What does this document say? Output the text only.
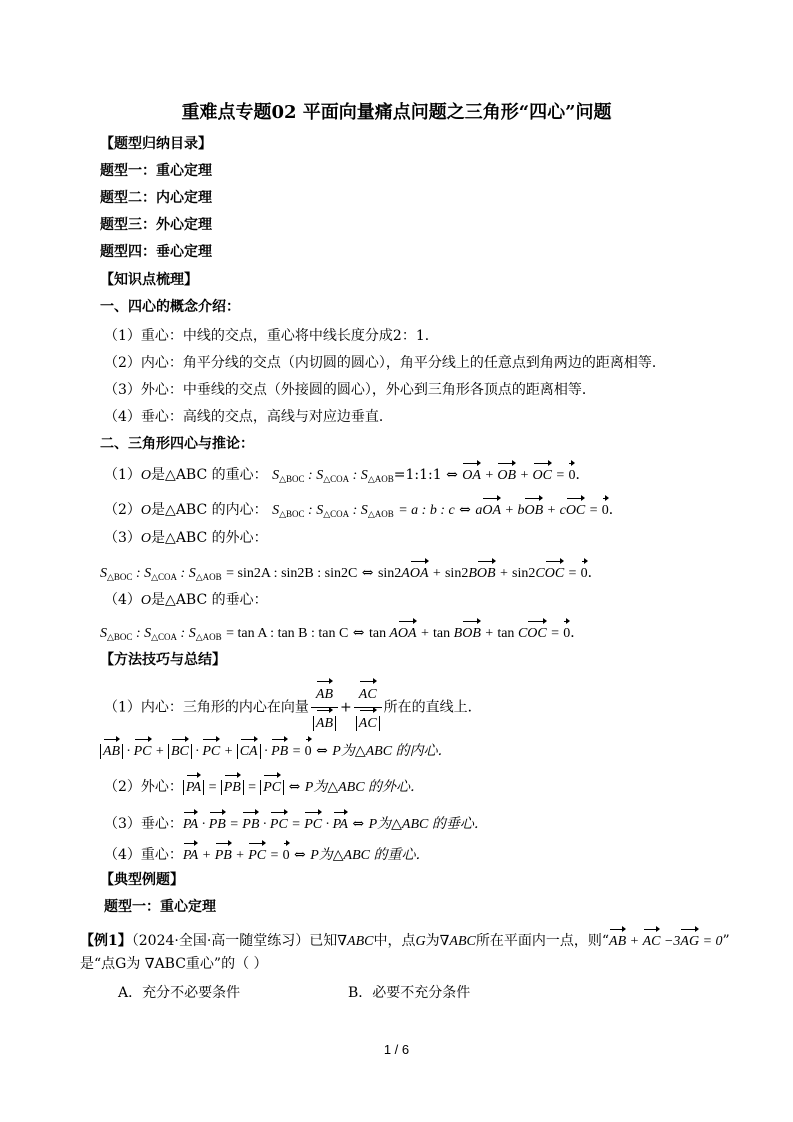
重难点专题02 平面向量痛点问题之三角形“四心”问题
【题型归纳目录】
题型一：重心定理
题型二：内心定理
题型三：外心定理
题型四：垂心定理
【知识点梳理】
一、四心的概念介绍：
（1）重心：中线的交点，重心将中线长度分成2：1．
（2）内心：角平分线的交点（内切圆的圆心），角平分线上的任意点到角两边的距离相等．
（3）外心：中垂线的交点（外接圆的圆心），外心到三角形各顶点的距离相等．
（4）垂心：高线的交点，高线与对应边垂直．
二、三角形四心与推论：
（1）O是△ABC 的重心： $S_{\triangle BOC}$ : $S_{\triangle COA}$ : $S_{\triangle AOB}=1:1:1$ ⇔ OA + OB + OC = 0．
（2）O是△ABC 的内心： $S_{\triangle BOC}$ : $S_{\triangle COA}$ : $S_{\triangle AOB} = a$ : b : c ⇔ aOA + bOB + cOC = 0．
（3）O是△ABC 的外心：
$S_{\triangle BOC}$ : $S_{\triangle COA}$ : $S_{\triangle AOB} = \sin 2A$ : sin2B : sin2C ⇔ sin2AOA + sin2BOB + sin2COC = 0．
（4）O是△ABC 的垂心：
$S_{\triangle BOC}$ : $S_{\triangle COA}$ : $S_{\triangle AOB} = \tan A$ : tan B : tan C ⇔ tan AOA + tan BOB + tan COC = 0．
【方法技巧与总结】
（1）内心：三角形的内心在向量 $\frac{AB}{AB} + \frac{AC}{AC}$ 所在的直线上．
AB · PC + BC · PC + CA · PB = 0 ⇔ P为△ABC 的内心．
（2）外心： PA = PB = PC ⇔ P为△ABC 的外心．
（3）垂心：PA · PB = PB · PC = PC · PA ⇔ P为△ABC 的垂心．
（4）重心：PA + PB + PC = 0 ⇔ P为△ABC 的重心．
【典型例题】
题型一：重心定理
【例1】（2024·全国·高一随堂练习）已知∇ABC中，点G为∇ABC所在平面内一点，则“AB + AC −3AG = 0”
是“点G为 ∇ABC重心”的（ ）
A．充分不必要条件	B．必要不充分条件
1 / 6
